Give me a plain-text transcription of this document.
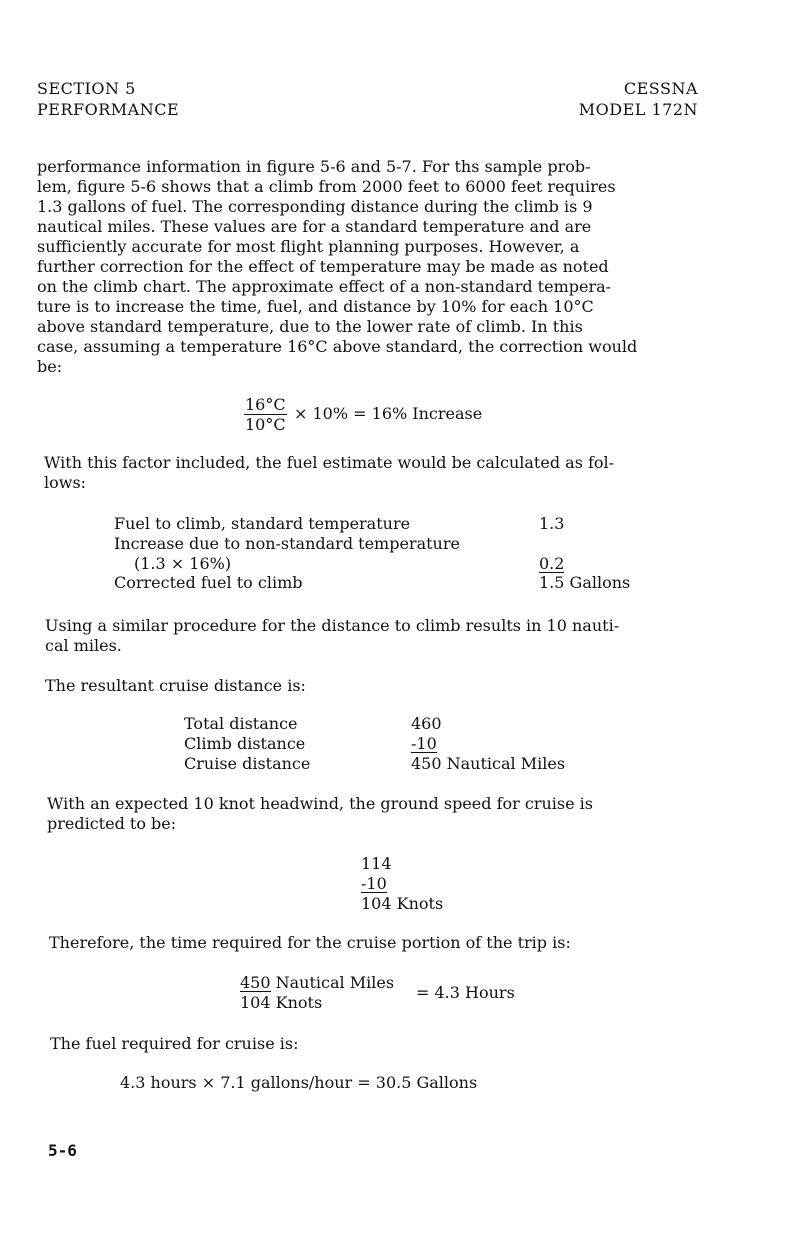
SECTION 5
PERFORMANCE
CESSNA
MODEL 172N

performance information in figure 5-6 and 5-7. For ths sample prob-

lem, figure 5-6 shows that a climb from 2000 feet to 6000 feet requires

1.3 gallons of fuel. The corresponding distance during the climb is 9

nautical miles. These values are for a standard temperature and are

sufficiently accurate for most flight planning purposes. However, a

further correction for the effect of temperature may be made as noted

on the climb chart. The approximate effect of a non-standard tempera-

ture is to increase the time, fuel, and distance by 10% for each 10°C

above standard temperature, due to the lower rate of climb. In this

case, assuming a temperature 16°C above standard, the correction would

be:

16°C
10°C
× 10% = 16% Increase

With this factor included, the fuel estimate would be calculated as fol-

lows:

Fuel to climb, standard temperature	1.3
Increase due to non-standard temperature
(1.3 × 16%)	0.2
Corrected fuel to climb	1.5 Gallons

Using a similar procedure for the distance to climb results in 10 nauti-

cal miles.

The resultant cruise distance is:
Total distance	460
Climb distance	-10
Cruise distance	450 Nautical Miles

With an expected 10 knot headwind, the ground speed for cruise is

predicted to be:

114
-10
104 Knots
Therefore, the time required for the cruise portion of the trip is:
450 Nautical Miles
104 Knots
= 4.3 Hours
The fuel required for cruise is:
4.3 hours × 7.1 gallons/hour = 30.5 Gallons
5-6
